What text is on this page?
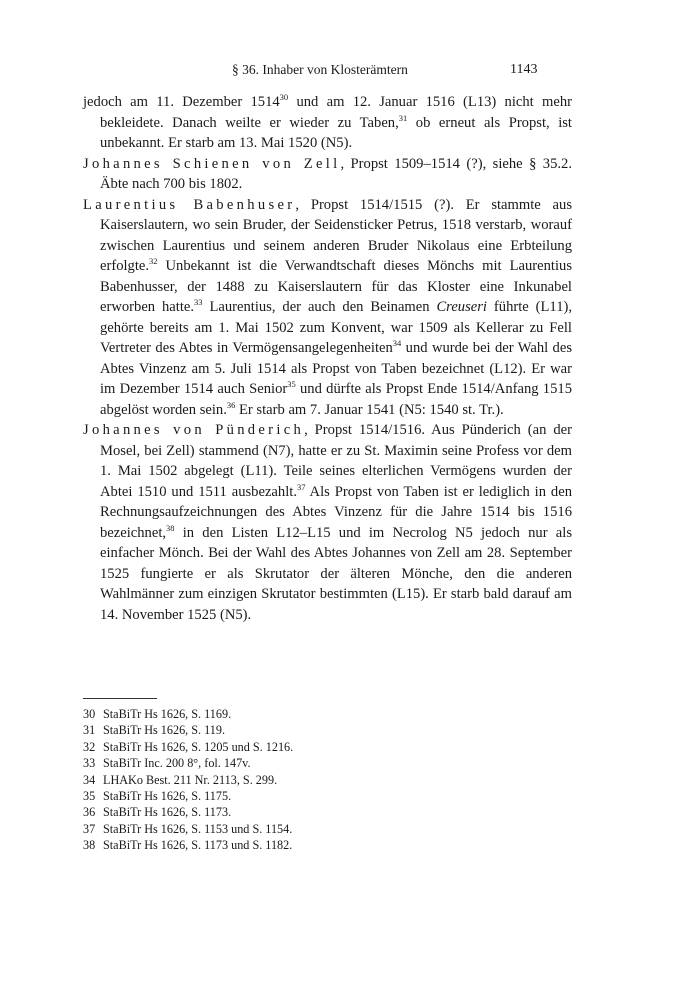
§ 36. Inhaber von Klosterämtern	1143

jedoch am 11. Dezember 1514$^{30}$ und am 12. Januar 1516 (L13) nicht mehr bekleidete. Danach weilte er wieder zu Taben,$^{31}$ ob erneut als Propst, ist unbekannt. Er starb am 13. Mai 1520 (N5).

Johannes Schienen von Zell, Propst 1509–1514 (?), siehe § 35.2. Äbte nach 700 bis 1802.

Laurentius Babenhuser, Propst 1514/1515 (?). Er stammte aus Kaiserslautern, wo sein Bruder, der Seidensticker Petrus, 1518 verstarb, worauf zwischen Laurentius und seinem anderen Bruder Nikolaus eine Erbteilung erfolgte.$^{32}$ Unbekannt ist die Verwandtschaft dieses Mönchs mit Laurentius Babenhusser, der 1488 zu Kaiserslautern für das Kloster eine Inkunabel erworben hatte.$^{33}$ Laurentius, der auch den Beinamen Creuseri führte (L11), gehörte bereits am 1. Mai 1502 zum Konvent, war 1509 als Kellerar zu Fell Vertreter des Abtes in Vermögensangelegenheiten$^{34}$ und wurde bei der Wahl des Abtes Vinzenz am 5. Juli 1514 als Propst von Taben bezeichnet (L12). Er war im Dezember 1514 auch Senior$^{35}$ und dürfte als Propst Ende 1514/Anfang 1515 abgelöst worden sein.$^{36}$ Er starb am 7. Januar 1541 (N5: 1540 st. Tr.).

Johannes von Pünderich, Propst 1514/1516. Aus Pünderich (an der Mosel, bei Zell) stammend (N7), hatte er zu St. Maximin seine Profess vor dem 1. Mai 1502 abgelegt (L11). Teile seines elterlichen Vermögens wurden der Abtei 1510 und 1511 ausbezahlt.$^{37}$ Als Propst von Taben ist er lediglich in den Rechnungsaufzeichnungen des Abtes Vinzenz für die Jahre 1514 bis 1516 bezeichnet,$^{38}$ in den Listen L12–L15 und im Necrolog N5 jedoch nur als einfacher Mönch. Bei der Wahl des Abtes Johannes von Zell am 28. September 1525 fungierte er als Skrutator der älteren Mönche, den die anderen Wahlmänner zum einzigen Skrutator bestimmten (L15). Er starb bald darauf am 14. November 1525 (N5).

30 StaBiTr Hs 1626, S. 1169.
31 StaBiTr Hs 1626, S. 119.
32 StaBiTr Hs 1626, S. 1205 und S. 1216.
33 StaBiTr Inc. 200 8°, fol. 147v.
34 LHAKo Best. 211 Nr. 2113, S. 299.
35 StaBiTr Hs 1626, S. 1175.
36 StaBiTr Hs 1626, S. 1173.
37 StaBiTr Hs 1626, S. 1153 und S. 1154.
38 StaBiTr Hs 1626, S. 1173 und S. 1182.
